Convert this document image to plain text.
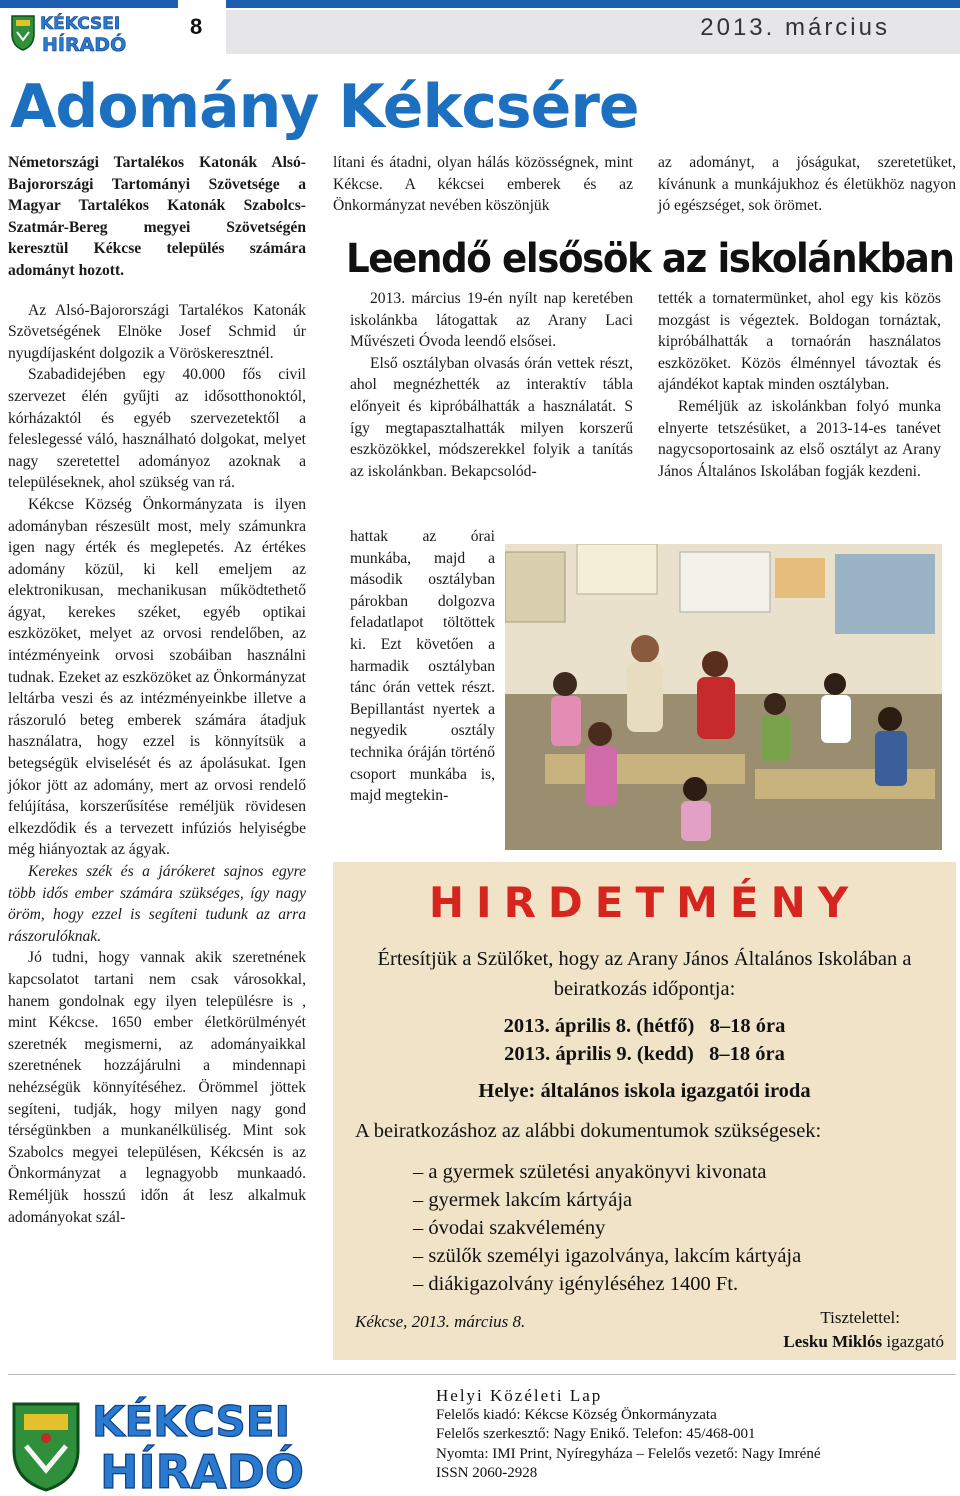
KÉKCSEI
HÍRADÓ
8	2013. március
Adomány Kékcsére

Németországi Tartalékos Katonák Alsó- Bajorországi Tartományi Szövetsége a Magyar Tartalékos Katonák Szabolcs-Szatmár-Bereg megyei Szövetségén keresztül Kékcse település számára adományt hozott.

Az Alsó-Bajorországi Tartalékos Katonák Szövetségének Elnöke Josef Schmid úr nyugdíjasként dolgozik a Vöröskeresztnél.

Szabadidejében egy 40.000 fős civil szervezet élén gyűjti az idősotthonoktól, kórházaktól és egyéb szervezetektől a feleslegessé váló, használható dolgokat, melyet nagy szeretettel adományoz azoknak a településeknek, ahol szükség van rá.

Kékcse Község Önkormányzata is ilyen adományban részesült most, mely számunkra igen nagy érték és meglepetés. Az értékes adomány közül, ki kell emeljem az elektronikusan, mechanikusan működtethető ágyat, kerekes széket, egyéb optikai eszközöket, melyet az orvosi rendelőben, az intézményeink orvosi szobáiban használni tudnak. Ezeket az eszközöket az Önkormányzat leltárba veszi és az intézményeinkbe illetve a rászoruló beteg emberek számára átadjuk használatra, hogy ezzel is könnyítsük a betegségük elviselését és az ápolásukat. Igen jókor jött az adomány, mert az orvosi rendelő felújítása, korszerűsítése reméljük rövidesen elkezdődik és a tervezett infúziós helyiségbe még hiányoztak az ágyak.

Kerekes szék és a járókeret sajnos egyre több idős ember számára szükséges, így nagy öröm, hogy ezzel is segíteni tudunk az arra rászorulóknak.

Jó tudni, hogy vannak akik szeretnének kapcsolatot tartani nem csak városokkal, hanem gondolnak egy ilyen településre is , mint Kékcse. 1650 ember életkörülményét szeretnék megismerni, az adományaikkal szeretnének hozzájárulni a mindennapi nehézségük könnyítéséhez. Örömmel jöttek segíteni, tudják, hogy milyen nagy gond térségünkben a munkanélküliség. Mint sok Szabolcs megyei településen, Kékcsén is az Önkormányzat a legnagyobb munkaadó. Reméljük hosszú időn át lesz alkalmuk adományokat szál-

lítani és átadni, olyan hálás közösségnek, mint Kékcse. A kékcsei emberek és az Önkormányzat nevében köszönjük

az adományt, a jóságukat, szeretetüket, kívánunk a munkájukhoz és életükhöz nagyon jó egészséget, sok örömet.

Leendő elsősök az iskolánkban

2013. március 19-én nyílt nap keretében iskolánkba látogattak az Arany Laci Művészeti Óvoda leendő elsősei.

Első osztályban olvasás órán vettek részt, ahol megnézhették az interaktív tábla előnyeit és kipróbálhatták a használatát. S így megtapasztalhatták milyen korszerű eszközökkel, módszerekkel folyik a tanítás az iskolánkban. Bekapcsolód-

hattak az órai munkába, majd a második osztályban párokban dolgozva feladatlapot töltöttek ki. Ezt követően a harmadik osztályban tánc órán vettek részt. Bepillantást nyertek a negyedik osztály technika óráján történő csoport munkába is, majd megtekin-

tették a tornatermünket, ahol egy kis közös mozgást is végeztek. Boldogan tornáztak, kipróbálhatták a tornaórán használatos eszközöket. Közös élménnyel távoztak és ajándékot kaptak minden osztályban.

Reméljük az iskolánkban folyó munka elnyerte tetszésüket, a 2013-14-es tanévet nagycsoportosaink az első osztályt az Arany János Általános Iskolában fogják kezdeni.

HIRDETMÉNY
Értesítjük a Szülőket, hogy az Arany János Általános Iskolában a beiratkozás időpontja:
2013. április 8. (hétfő)   8–18 óra
2013. április 9. (kedd)   8–18 óra
Helye: általános iskola igazgatói iroda
A beiratkozáshoz az alábbi dokumentumok szükségesek:
– a gyermek születési anyakönyvi kivonata
– gyermek lakcím kártyája
– óvodai szakvélemény
– szülők személyi igazolványa, lakcím kártyája
– diákigazolvány igényléséhez 1400 Ft.
Kékcse, 2013. március 8.	Tisztelettel:
Lesku Miklós igazgató
KÉKCSEI
HÍRADÓ
Helyi Közéleti Lap
Felelős kiadó: Kékcse Község Önkormányzata
Felelős szerkesztő: Nagy Enikő. Telefon: 45/468-001
Nyomta: IMI Print, Nyíregyháza – Felelős vezető: Nagy Imréné
ISSN 2060-2928
